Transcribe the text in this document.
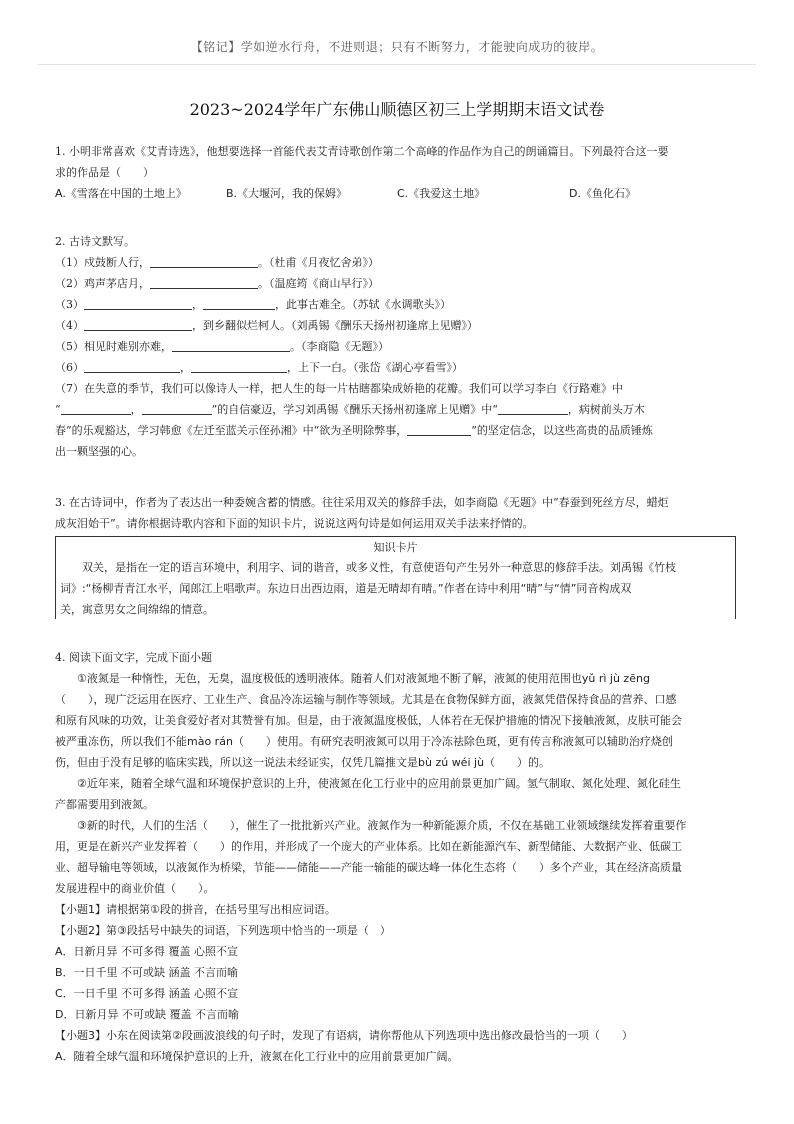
【铭记】学如逆水行舟，不进则退；只有不断努力，才能驶向成功的彼岸。
2023~2024学年广东佛山顺德区初三上学期期末语文试卷
1. 小明非常喜欢《艾青诗选》，他想要选择一首能代表艾青诗歌创作第二个高峰的作品作为自己的朗诵篇目。下列最符合这一要
求的作品是（　　）
A.《雪落在中国的土地上》	B.《大堰河，我的保姆》	C.《我爱这土地》	D.《鱼化石》
2. 古诗文默写。
（1）戍鼓断人行，	。（杜甫《月夜忆舍弟》）
（2）鸡声茅店月，	。（温庭筠《商山早行》）
（3）	，	，此事古难全。（苏轼《水调歌头》）
（4）	，到乡翻似烂柯人。（刘禹锡《酬乐天扬州初逢席上见赠》）
（5）相见时难别亦难，	。（李商隐《无题》）
（6）	，	，上下一白。（张岱《湖心亭看雪》）
（7）在失意的季节，我们可以像诗人一样，把人生的每一片枯瞎都染成娇艳的花瓣。我们可以学习李白《行路难》中
“	，	”的自信豪迈，学习刘禹锡《酬乐天扬州初逢席上见赠》中“	，病树前头万木
春”的乐观豁达，学习韩愈《左迁至蓝关示侄孙湘》中“欲为圣明除弊事，	”的坚定信念，以这些高贵的品质锤炼
出一颗坚强的心。
3. 在古诗词中，作者为了表达出一种委婉含蓄的情感。往往采用双关的修辞手法，如李商隐《无题》中“春蚕到死丝方尽，蜡炬
成灰泪始干”。请你根据诗歌内容和下面的知识卡片，说说这两句诗是如何运用双关手法来抒情的。
知识卡片
双关，是指在一定的语言环境中，利用字、词的谐音，或多义性，有意使语句产生另外一种意思的修辞手法。刘禹锡《竹枝
词》:“杨柳青青江水平，闻郎江上唱歌声。东边日出西边雨，道是无晴却有晴。”作者在诗中利用“晴”与“情”同音构成双
关，寓意男女之间绵绵的情意。
4. 阅读下面文字，完成下面小题
①液氮是一种惰性，无色，无臭，温度极低的透明液体。随着人们对液氮地不断了解，液氮的使用范围也yǔ rì jù zēng
（　　），现广泛运用在医疗、工业生产、食品冷冻运输与制作等领域。尤其是在食物保鲜方面，液氮凭借保持食品的营养、口感
和原有风味的功效，让美食爱好者对其赞誉有加。但是，由于液氮温度极低，人体若在无保护措施的情况下接触液氮，皮肤可能会
被严重冻伤，所以我们不能mào rán（　　）使用。有研究表明液氮可以用于冷冻祛除色斑，更有传言称液氮可以辅助治疗烧创
伤，但由于没有足够的临床实践，所以这一说法未经证实，仅凭几篇推文是bù zú wéi jù（　　）的。
②近年来，随着全球气温和环境保护意识的上升，使液氮在化工行业中的应用前景更加广阔。氢气制取、氮化处理、氮化硅生
产都需要用到液氮。
③新的时代，人们的生活（　　），催生了一批批新兴产业。液氮作为一种新能源介质，不仅在基础工业领域继续发挥着重要作
用，更是在新兴产业发挥着（　　）的作用，并形成了一个庞大的产业体系。比如在新能源汽车、新型储能、大数据产业、低碳工
业、超导输电等领域，以液氮作为桥梁，节能——储能——产能一输能的碳达峰一体化生态将（　　）多个产业，其在经济高质量
发展进程中的商业价值（　　）。
【小题1】请根据第①段的拼音，在括号里写出相应词语。
【小题2】第③段括号中缺失的词语，下列选项中恰当的一项是（　）
A．日新月异 不可多得 覆盖 心照不宣
B．一日千里 不可或缺 涵盖 不言而喻
C．一日千里 不可多得 涵盖 心照不宣
D．日新月异 不可或缺 覆盖 不言而喻
【小题3】小东在阅读第②段画波浪线的句子时，发现了有语病，请你帮他从下列选项中选出修改最恰当的一项（　　）
A．随着全球气温和环境保护意识的上升，液氮在化工行业中的应用前景更加广阔。
